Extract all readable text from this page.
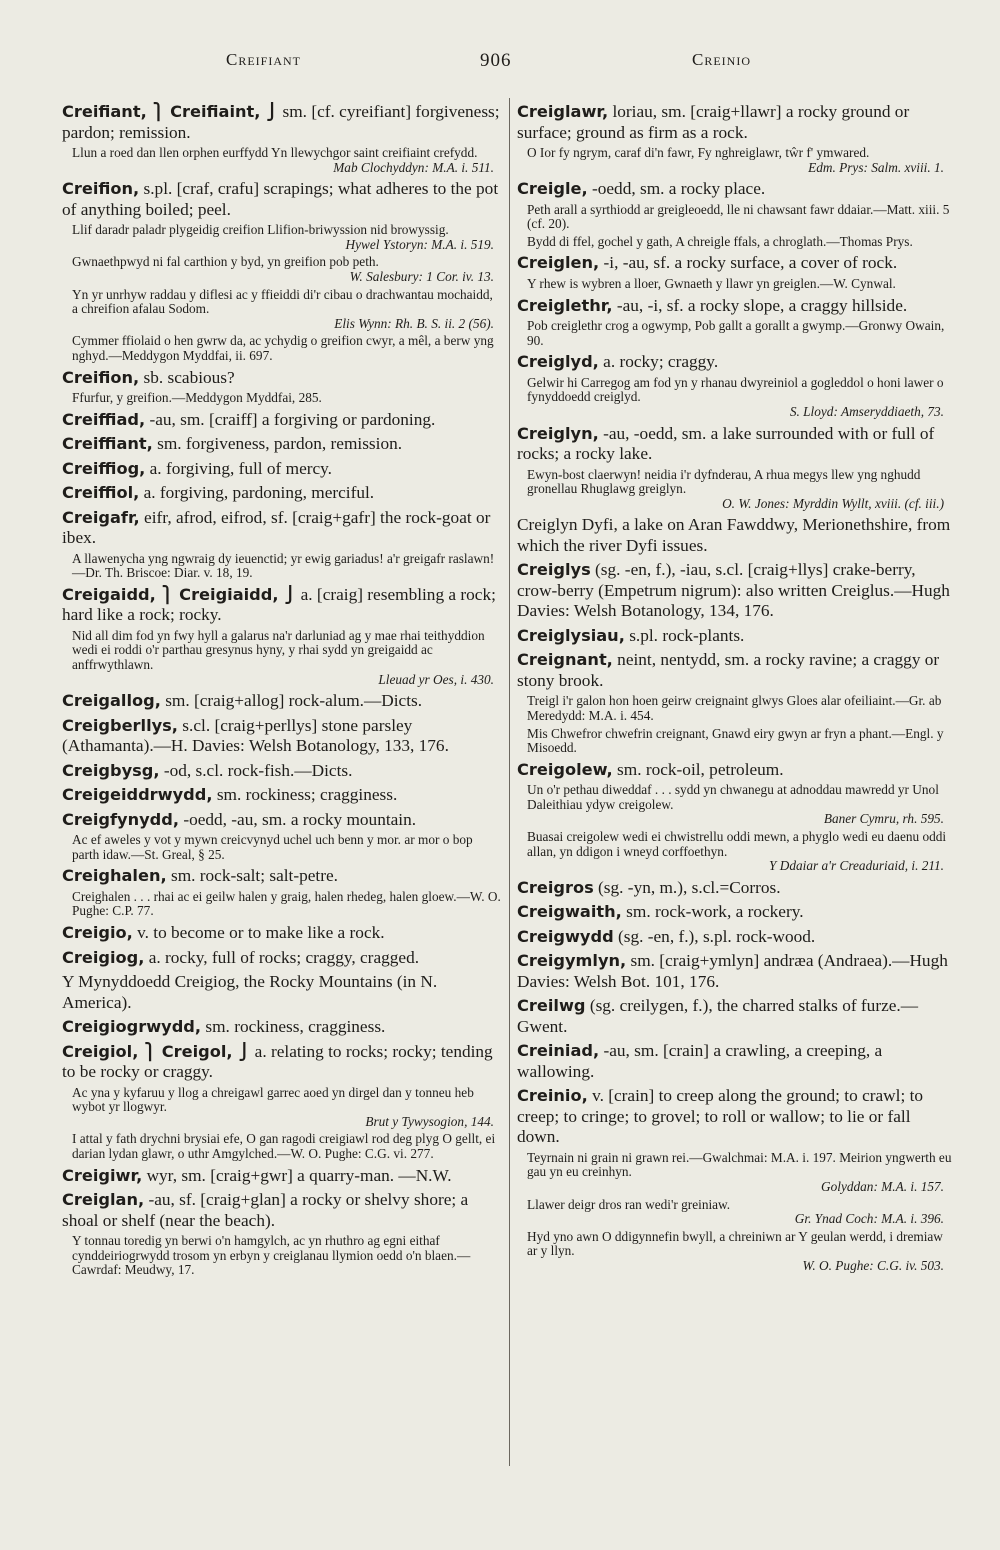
Creifiant	906	Creinio
Creifiant, ⎫ Creifiaint, ⎭ sm. [cf. cyreifiant] forgiveness; pardon; remission.
Llun a roed dan llen orphen eurffydd Yn llewychgor saint creifiaint crefydd.
Mab Clochyddyn: M.A. i. 511.
Creifion, s.pl. [craf, crafu] scrapings; what adheres to the pot of anything boiled; peel.
Llif daradr paladr plygeidig creifion Llifion-briwyssion nid browyssig.
Hywel Ystoryn: M.A. i. 519.
Gwnaethpwyd ni fal carthion y byd, yn greifion pob peth.
W. Salesbury: 1 Cor. iv. 13.
Yn yr unrhyw raddau y diflesi ac y ffieiddi di'r cibau o drachwantau mochaidd, a chreifion afalau Sodom.
Elis Wynn: Rh. B. S. ii. 2 (56).
Cymmer ffiolaid o hen gwrw da, ac ychydig o greifion cwyr, a mêl, a berw yng nghyd.—Meddygon Myddfai, ii. 697.
Creifion, sb. scabious?
Ffurfur, y greifion.—Meddygon Myddfai, 285.
Creiffiad, -au, sm. [craiff] a forgiving or pardoning.
Creiffiant, sm. forgiveness, pardon, remission.
Creiffiog, a. forgiving, full of mercy.
Creiffiol, a. forgiving, pardoning, merciful.
Creigafr, eifr, afrod, eifrod, sf. [craig+gafr] the rock-goat or ibex.
A llawenycha yng ngwraig dy ieuenctid; yr ewig gariadus! a'r greigafr raslawn!—Dr. Th. Briscoe: Diar. v. 18, 19.
Creigaidd, ⎫ Creigiaidd, ⎭ a. [craig] resembling a rock; hard like a rock; rocky.
Nid all dim fod yn fwy hyll a galarus na'r darluniad ag y mae rhai teithyddion wedi ei roddi o'r parthau gresynus hyny, y rhai sydd yn greigaidd ac anffrwythlawn.
Lleuad yr Oes, i. 430.
Creigallog, sm. [craig+allog] rock-alum.—Dicts.
Creigberllys, s.cl. [craig+perllys] stone parsley (Athamanta).—H. Davies: Welsh Botanology, 133, 176.
Creigbysg, -od, s.cl. rock-fish.—Dicts.
Creigeiddrwydd, sm. rockiness; cragginess.
Creigfynydd, -oedd, -au, sm. a rocky mountain.
Ac ef aweles y vot y mywn creicvynyd uchel uch benn y mor. ar mor o bop parth idaw.—St. Greal, § 25.
Creighalen, sm. rock-salt; salt-petre.
Creighalen . . . rhai ac ei geilw halen y graig, halen rhedeg, halen gloew.—W. O. Pughe: C.P. 77.
Creigio, v. to become or to make like a rock.
Creigiog, a. rocky, full of rocks; craggy, cragged.
Y Mynyddoedd Creigiog, the Rocky Mountains (in N. America).
Creigiogrwydd, sm. rockiness, cragginess.
Creigiol, ⎫ Creigol, ⎭ a. relating to rocks; rocky; tending to be rocky or craggy.
Ac yna y kyfaruu y llog a chreigawl garrec aoed yn dirgel dan y tonneu heb wybot yr llogwyr.
Brut y Tywysogion, 144.
I attal y fath drychni brysiai efe, O gan ragodi creigiawl rod deg plyg O gellt, ei darian lydan glawr, o uthr Amgylched.—W. O. Pughe: C.G. vi. 277.
Creigiwr, wyr, sm. [craig+gwr] a quarry-man. —N.W.
Creiglan, -au, sf. [craig+glan] a rocky or shelvy shore; a shoal or shelf (near the beach).
Y tonnau toredig yn berwi o'n hamgylch, ac yn rhuthro ag egni eithaf cynddeiriogrwydd trosom yn erbyn y creiglanau llymion oedd o'n blaen.—Cawrdaf: Meudwy, 17.
Creiglawr, loriau, sm. [craig+llawr] a rocky ground or surface; ground as firm as a rock.
O Ior fy ngrym, caraf di'n fawr, Fy nghreiglawr, tŵr f' ymwared.
Edm. Prys: Salm. xviii. 1.
Creigle, -oedd, sm. a rocky place.
Peth arall a syrthiodd ar greigleoedd, lle ni chawsant fawr ddaiar.—Matt. xiii. 5 (cf. 20).
Bydd di ffel, gochel y gath, A chreigle ffals, a chroglath.—Thomas Prys.
Creiglen, -i, -au, sf. a rocky surface, a cover of rock.
Y rhew is wybren a lloer, Gwnaeth y llawr yn greiglen.—W. Cynwal.
Creiglethr, -au, -i, sf. a rocky slope, a craggy hillside.
Pob creiglethr crog a ogwymp, Pob gallt a gorallt a gwymp.—Gronwy Owain, 90.
Creiglyd, a. rocky; craggy.
Gelwir hi Carregog am fod yn y rhanau dwyreiniol a gogleddol o honi lawer o fynyddoedd creiglyd.
S. Lloyd: Amseryddiaeth, 73.
Creiglyn, -au, -oedd, sm. a lake surrounded with or full of rocks; a rocky lake.
Ewyn-bost claerwyn! neidia i'r dyfnderau, A rhua megys llew yng nghudd gronellau Rhuglawg greiglyn.
O. W. Jones: Myrddin Wyllt, xviii. (cf. iii.)
Creiglyn Dyfi, a lake on Aran Fawddwy, Merionethshire, from which the river Dyfi issues.
Creiglys (sg. -en, f.), -iau, s.cl. [craig+llys] crake-berry, crow-berry (Empetrum nigrum): also written Creiglus.—Hugh Davies: Welsh Botanology, 134, 176.
Creiglysiau, s.pl. rock-plants.
Creignant, neint, nentydd, sm. a rocky ravine; a craggy or stony brook.
Treigl i'r galon hon hoen geirw creignaint glwys Gloes alar ofeiliaint.—Gr. ab Meredydd: M.A. i. 454.
Mis Chwefror chwefrin creignant, Gnawd eiry gwyn ar fryn a phant.—Engl. y Misoedd.
Creigolew, sm. rock-oil, petroleum.
Un o'r pethau diweddaf . . . sydd yn chwanegu at adnoddau mawredd yr Unol Daleithiau ydyw creigolew.
Baner Cymru, rh. 595.
Buasai creigolew wedi ei chwistrellu oddi mewn, a phyglo wedi eu daenu oddi allan, yn ddigon i wneyd corffoethyn.
Y Ddaiar a'r Creaduriaid, i. 211.
Creigros (sg. -yn, m.), s.cl.=Corros.
Creigwaith, sm. rock-work, a rockery.
Creigwydd (sg. -en, f.), s.pl. rock-wood.
Creigymlyn, sm. [craig+ymlyn] andræa (Andraea).—Hugh Davies: Welsh Bot. 101, 176.
Creilwg (sg. creilygen, f.), the charred stalks of furze.—Gwent.
Creiniad, -au, sm. [crain] a crawling, a creeping, a wallowing.
Creinio, v. [crain] to creep along the ground; to crawl; to creep; to cringe; to grovel; to roll or wallow; to lie or fall down.
Teyrnain ni grain ni grawn rei.—Gwalchmai: M.A. i. 197. Meirion yngwerth eu gau yn eu creinhyn.
Golyddan: M.A. i. 157.
Llawer deigr dros ran wedi'r greiniaw.
Gr. Ynad Coch: M.A. i. 396.
Hyd yno awn O ddigynnefin bwyll, a chreiniwn ar Y geulan werdd, i dremiaw ar y llyn.
W. O. Pughe: C.G. iv. 503.
